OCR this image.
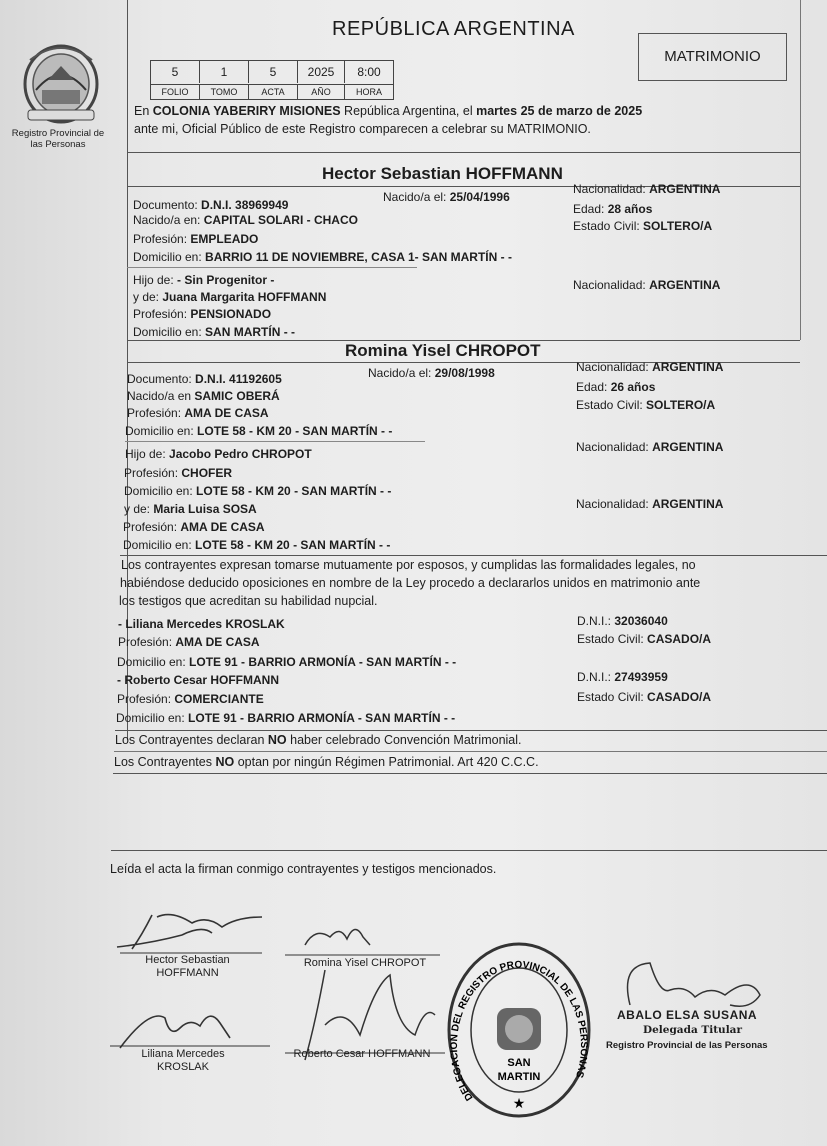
Registro Provincial de las Personas
REPÚBLICA ARGENTINA
5	1	5	2025	8:00
FOLIO	TOMO	ACTA	AÑO	HORA
MATRIMONIO
En COLONIA YABERIRY MISIONES República Argentina, el martes 25 de marzo de 2025
ante mi, Oficial Público de este Registro comparecen a celebrar su MATRIMONIO.
Hector Sebastian HOFFMANN
Documento: D.N.I. 38969949
Nacido/a el: 25/04/1996
Nacionalidad: ARGENTINA
Edad: 28 años
Nacido/a en: CAPITAL SOLARI - CHACO	Estado Civil: SOLTERO/A
Profesión: EMPLEADO
Domicilio en: BARRIO 11 DE NOVIEMBRE, CASA 1- SAN MARTÍN - -
Hijo de: - Sin Progenitor -
y de: Juana Margarita HOFFMANN
Nacionalidad: ARGENTINA
Profesión: PENSIONADO
Domicilio en: SAN MARTÍN - -
Romina Yisel CHROPOT
Documento: D.N.I. 41192605	Nacido/a el: 29/08/1998	Nacionalidad: ARGENTINA
Nacido/a en SAMIC OBERÁ
Edad: 26 años
Profesión: AMA DE CASA
Estado Civil: SOLTERO/A
Domicilio en: LOTE 58 - KM 20 - SAN MARTÍN - -
Hijo de: Jacobo Pedro CHROPOT	Nacionalidad: ARGENTINA
Profesión: CHOFER
Domicilio en: LOTE 58 - KM 20 - SAN MARTÍN - -
y de: Maria Luisa SOSA	Nacionalidad: ARGENTINA
Profesión: AMA DE CASA
Domicilio en: LOTE 58 - KM 20 - SAN MARTÍN - -
Los contrayentes expresan tomarse mutuamente por esposos, y cumplidas las formalidades legales, no
habiéndose deducido oposiciones en nombre de la Ley procedo a declararlos unidos en matrimonio ante
los testigos que acreditan su habilidad nupcial.
- Liliana Mercedes KROSLAK	D.N.I.: 32036040
Profesión: AMA DE CASA	Estado Civil: CASADO/A
Domicilio en: LOTE 91 - BARRIO ARMONÍA - SAN MARTÍN - -
- Roberto Cesar HOFFMANN	D.N.I.: 27493959
Profesión: COMERCIANTE	Estado Civil: CASADO/A
Domicilio en: LOTE 91 - BARRIO ARMONÍA - SAN MARTÍN - -
Los Contrayentes declaran NO haber celebrado Convención Matrimonial.
Los Contrayentes NO optan por ningún Régimen Patrimonial. Art 420 C.C.C.
Leída el acta la firman conmigo contrayentes y testigos mencionados.
Hector Sebastian
HOFFMANN
Romina Yisel CHROPOT
Liliana Mercedes
KROSLAK
Roberto Cesar HOFFMANN
SAN
MARTIN
DELEGACION DEL REGISTRO PROVINCIAL DE LAS PERSONAS
★
ABALO ELSA SUSANA
Delegada Titular
Registro Provincial de las Personas
